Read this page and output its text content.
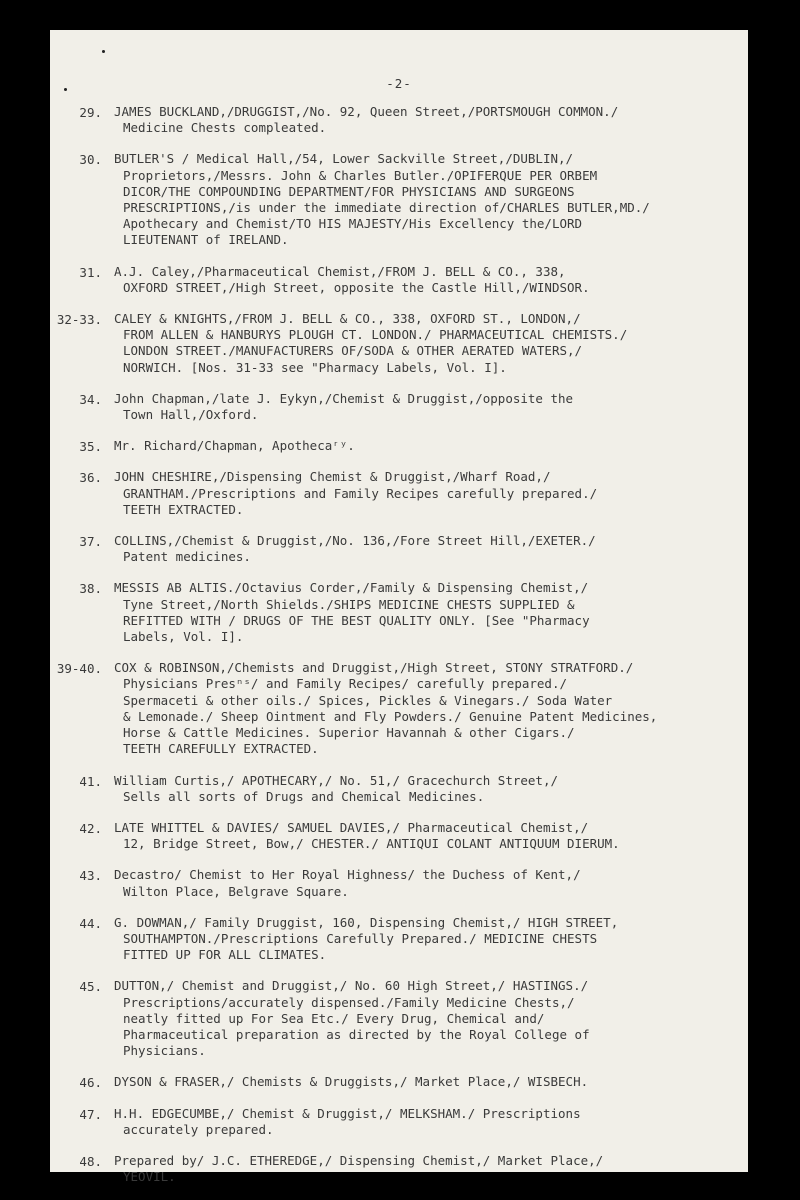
-2-
29. JAMES BUCKLAND,/DRUGGIST,/No. 92, Queen Street,/PORTSMOUGH COMMON./
Medicine Chests compleated.
30. BUTLER'S / Medical Hall,/54, Lower Sackville Street,/DUBLIN,/
Proprietors,/Messrs. John & Charles Butler./OPIFERQUE PER ORBEM
DICOR/THE COMPOUNDING DEPARTMENT/FOR PHYSICIANS AND SURGEONS
PRESCRIPTIONS,/is under the immediate direction of/CHARLES BUTLER,MD./
Apothecary and Chemist/TO HIS MAJESTY/His Excellency the/LORD
LIEUTENANT of IRELAND.
31. A.J. Caley,/Pharmaceutical Chemist,/FROM J. BELL & CO., 338,
OXFORD STREET,/High Street, opposite the Castle Hill,/WINDSOR.
32-33. CALEY & KNIGHTS,/FROM J. BELL & CO., 338, OXFORD ST., LONDON,/
FROM ALLEN & HANBURYS PLOUGH CT. LONDON./ PHARMACEUTICAL CHEMISTS./
LONDON STREET./MANUFACTURERS OF/SODA & OTHER AERATED WATERS,/
NORWICH. [Nos. 31-33 see "Pharmacy Labels, Vol. I].
34. John Chapman,/late J. Eykyn,/Chemist & Druggist,/opposite the
Town Hall,/Oxford.
35. Mr. Richard/Chapman, Apothecaʳʸ.
36. JOHN CHESHIRE,/Dispensing Chemist & Druggist,/Wharf Road,/
GRANTHAM./Prescriptions and Family Recipes carefully prepared./
TEETH EXTRACTED.
37. COLLINS,/Chemist & Druggist,/No. 136,/Fore Street Hill,/EXETER./
Patent medicines.
38. MESSIS AB ALTIS./Octavius Corder,/Family & Dispensing Chemist,/
Tyne Street,/North Shields./SHIPS MEDICINE CHESTS SUPPLIED &
REFITTED WITH / DRUGS OF THE BEST QUALITY ONLY. [See "Pharmacy
Labels, Vol. I].
39-40. COX & ROBINSON,/Chemists and Druggist,/High Street, STONY STRATFORD./
Physicians Presⁿˢ/ and Family Recipes/ carefully prepared./
Spermaceti & other oils./ Spices, Pickles & Vinegars./ Soda Water
& Lemonade./ Sheep Ointment and Fly Powders./ Genuine Patent Medicines,
Horse & Cattle Medicines. Superior Havannah & other Cigars./
TEETH CAREFULLY EXTRACTED.
41. William Curtis,/ APOTHECARY,/ No. 51,/ Gracechurch Street,/
Sells all sorts of Drugs and Chemical Medicines.
42. LATE WHITTEL & DAVIES/ SAMUEL DAVIES,/ Pharmaceutical Chemist,/
12, Bridge Street, Bow,/ CHESTER./ ANTIQUI COLANT ANTIQUUM DIERUM.
43. Decastro/ Chemist to Her Royal Highness/ the Duchess of Kent,/
Wilton Place, Belgrave Square.
44. G. DOWMAN,/ Family Druggist, 160, Dispensing Chemist,/ HIGH STREET,
SOUTHAMPTON./Prescriptions Carefully Prepared./ MEDICINE CHESTS
FITTED UP FOR ALL CLIMATES.
45. DUTTON,/ Chemist and Druggist,/ No. 60 High Street,/ HASTINGS./
Prescriptions/accurately dispensed./Family Medicine Chests,/
neatly fitted up For Sea Etc./ Every Drug, Chemical and/
Pharmaceutical preparation as directed by the Royal College of
Physicians.
46. DYSON & FRASER,/ Chemists & Druggists,/ Market Place,/ WISBECH.
47. H.H. EDGECUMBE,/ Chemist & Druggist,/ MELKSHAM./ Prescriptions
accurately prepared.
48. Prepared by/ J.C. ETHEREDGE,/ Dispensing Chemist,/ Market Place,/
YEOVIL.
